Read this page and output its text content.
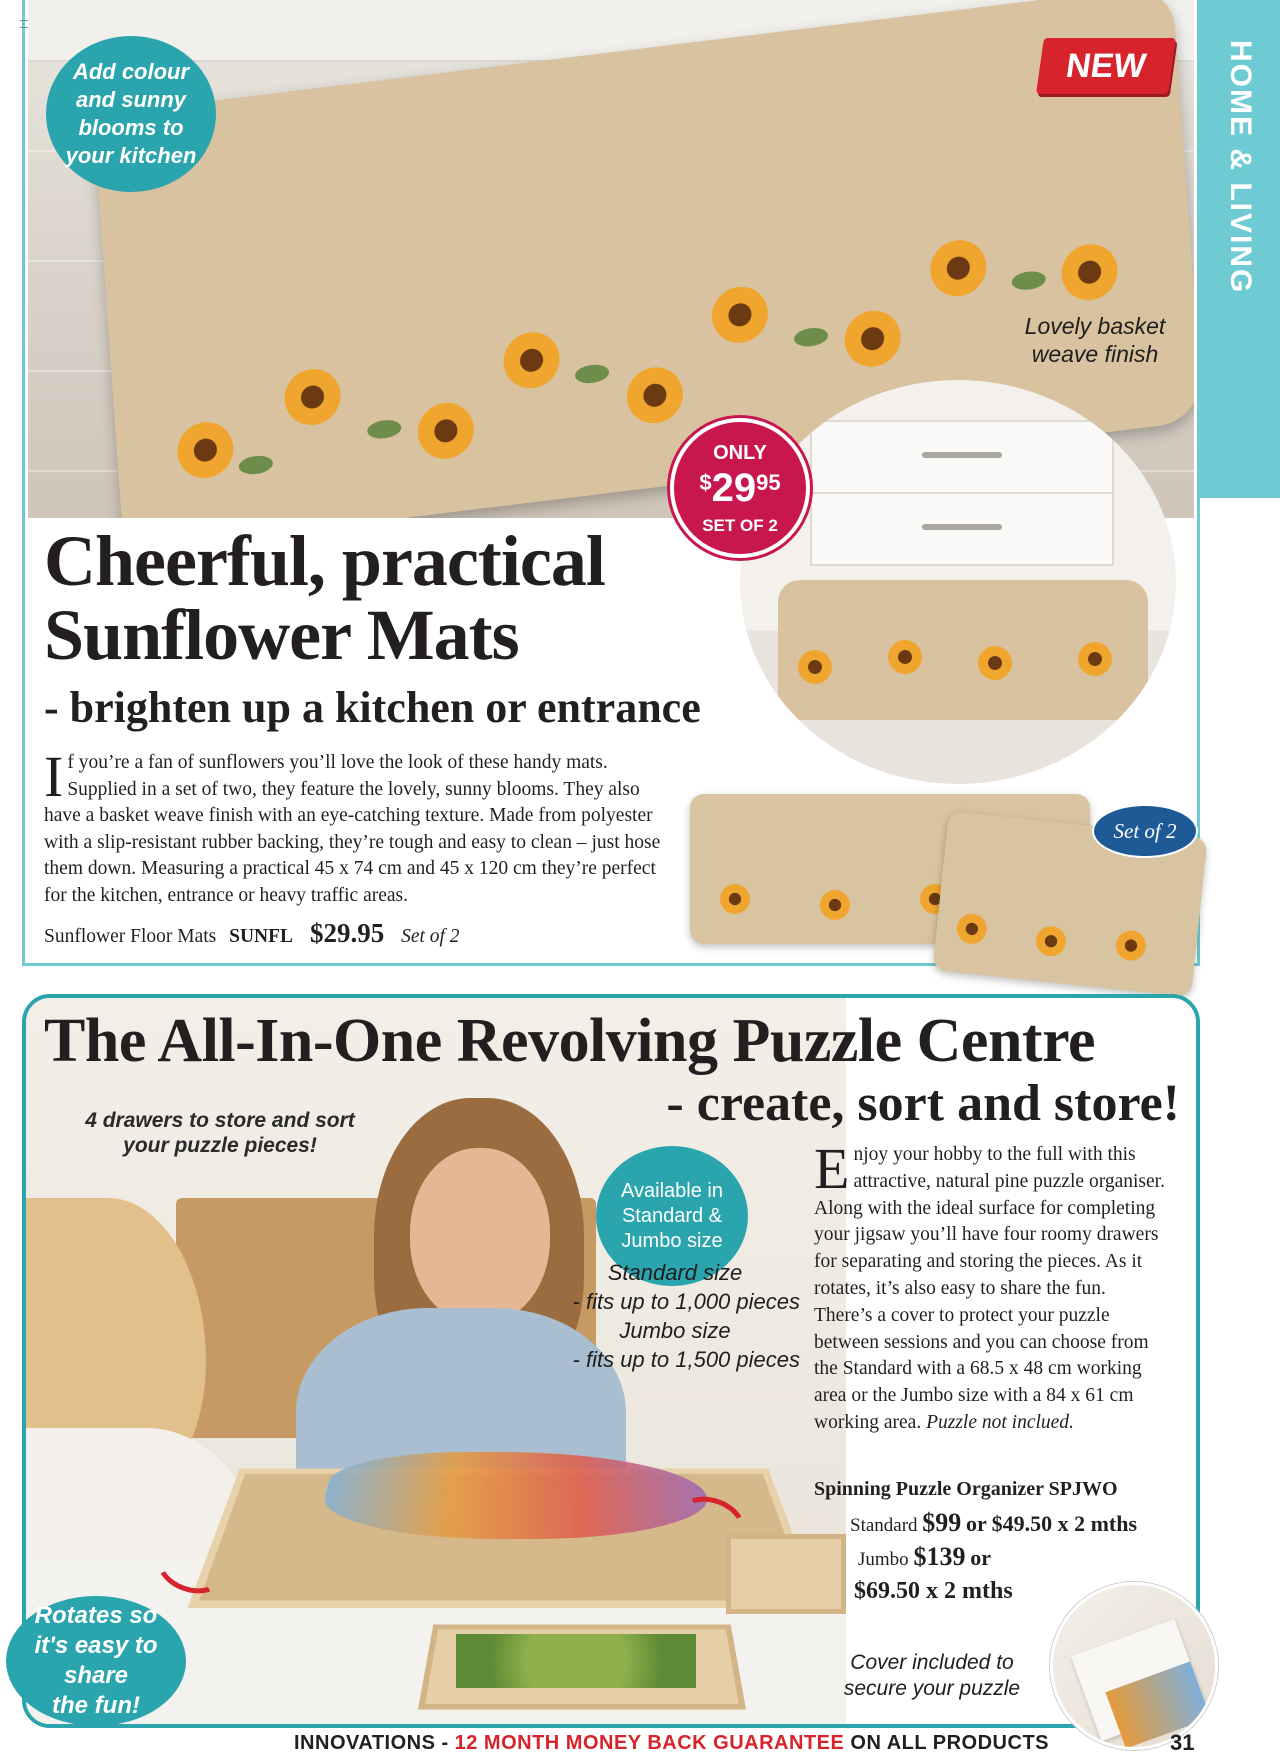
HOME & LIVING
NEW
Add colour
and sunny
blooms to
your kitchen
Lovely basket
weave finish
ONLY
$^{\$}29^{95}$
SET OF 2
Set of 2
Cheerful, practical
Sunflower Mats
- brighten up a kitchen or entrance
If you’re a fan of sunflowers you’ll love the look of these handy mats. Supplied in a set of two, they feature the lovely, sunny blooms. They also have a basket weave finish with an eye-catching texture. Made from polyester with a slip-resistant rubber backing, they’re tough and easy to clean – just hose them down. Measuring a practical 45 x 74 cm and 45 x 120 cm they’re perfect for the kitchen, entrance or heavy traffic areas.
Sunflower Floor Mats SUNFL $29.95 Set of 2
The All-In-One Revolving Puzzle Centre
- create, sort and store!
4 drawers to store and sort
your puzzle pieces!
Available in
Standard &
Jumbo size
Standard size
- fits up to 1,000 pieces
Jumbo size
- fits up to 1,500 pieces
Enjoy your hobby to the full with this attractive, natural pine puzzle organiser. Along with the ideal surface for completing your jigsaw you’ll have four roomy drawers for separating and storing the pieces. As it rotates, it’s also easy to share the fun. There’s a cover to protect your puzzle between sessions and you can choose from the Standard with a 68.5 x 48 cm working area or the Jumbo size with a 84 x 61 cm working area. Puzzle not inclued.
Spinning Puzzle Organizer SPJWO
Standard $99 or $49.50 x 2 mths
Jumbo $139 or
$69.50 x 2 mths
Rotates so
it's easy to share
the fun!
Cover included to
secure your puzzle
INNOVATIONS - 12 MONTH MONEY BACK GUARANTEE ON ALL PRODUCTS	31
